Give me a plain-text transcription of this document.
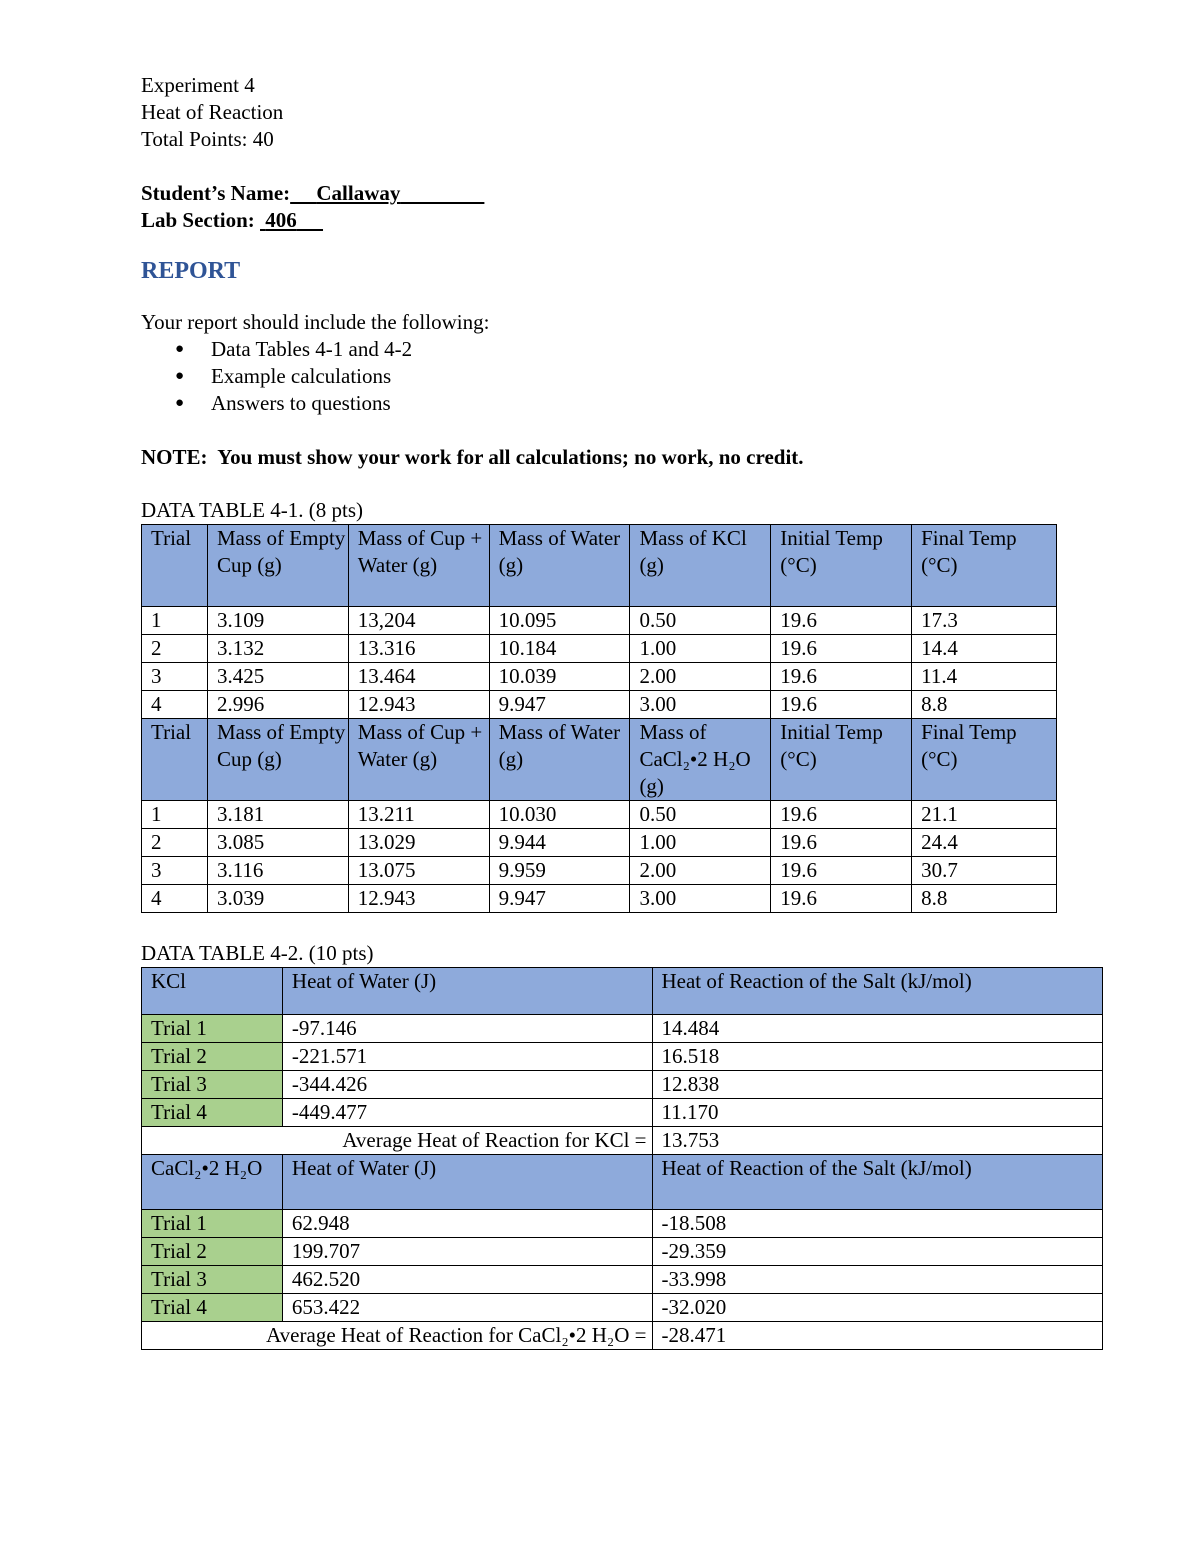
Experiment 4
Heat of Reaction
Total Points: 40
Student’s Name: Callaway
Lab Section: 406
REPORT
Your report should include the following:
● Data Tables 4-1 and 4-2
● Example calculations
● Answers to questions
NOTE:  You must show your work for all calculations; no work, no credit.
DATA TABLE 4-1. (8 pts)
Trial	Mass of Empty Cup (g)	Mass of Cup + Water (g)	Mass of Water (g)	Mass of KCl (g)	Initial Temp (°C)	Final Temp (°C)
1	3.109	13,204	10.095	0.50	19.6	17.3
2	3.132	13.316	10.184	1.00	19.6	14.4
3	3.425	13.464	10.039	2.00	19.6	11.4
4	2.996	12.943	9.947	3.00	19.6	8.8
Trial	Mass of Empty Cup (g)	Mass of Cup + Water (g)	Mass of Water (g)	Mass of CaCl₂•2 H₂O (g)	Initial Temp (°C)	Final Temp (°C)
1	3.181	13.211	10.030	0.50	19.6	21.1
2	3.085	13.029	9.944	1.00	19.6	24.4
3	3.116	13.075	9.959	2.00	19.6	30.7
4	3.039	12.943	9.947	3.00	19.6	8.8
DATA TABLE 4-2. (10 pts)
KCl	Heat of Water (J)	Heat of Reaction of the Salt (kJ/mol)
Trial 1	-97.146	14.484
Trial 2	-221.571	16.518
Trial 3	-344.426	12.838
Trial 4	-449.477	11.170
Average Heat of Reaction for KCl =		13.753
CaCl₂•2 H₂O	Heat of Water (J)	Heat of Reaction of the Salt (kJ/mol)
Trial 1	62.948	-18.508
Trial 2	199.707	-29.359
Trial 3	462.520	-33.998
Trial 4	653.422	-32.020
Average Heat of Reaction for CaCl₂•2 H₂O =		-28.471
